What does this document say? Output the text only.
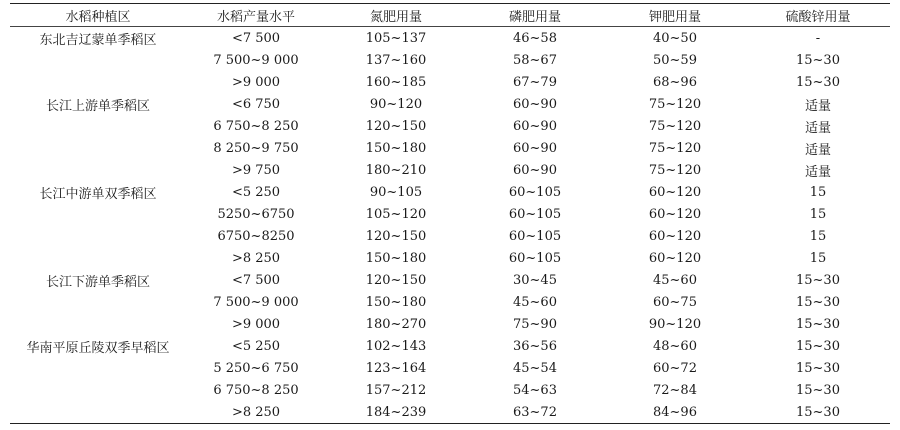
水稻种植区	水稻产量水平	氮肥用量	磷肥用量	钾肥用量	硫酸锌用量
东北吉辽蒙单季稻区	<7 500	105~137	46~58	40~50	-
	7 500~9 000	137~160	58~67	50~59	15~30
	>9 000	160~185	67~79	68~96	15~30
长江上游单季稻区	<6 750	90~120	60~90	75~120	适量
	6 750~8 250	120~150	60~90	75~120	适量
	8 250~9 750	150~180	60~90	75~120	适量
	>9 750	180~210	60~90	75~120	适量
长江中游单双季稻区	<5 250	90~105	60~105	60~120	15
	5250~6750	105~120	60~105	60~120	15
	6750~8250	120~150	60~105	60~120	15
	>8 250	150~180	60~105	60~120	15
长江下游单季稻区	<7 500	120~150	30~45	45~60	15~30
	7 500~9 000	150~180	45~60	60~75	15~30
	>9 000	180~270	75~90	90~120	15~30
华南平原丘陵双季早稻区	<5 250	102~143	36~56	48~60	15~30
	5 250~6 750	123~164	45~54	60~72	15~30
	6 750~8 250	157~212	54~63	72~84	15~30
	>8 250	184~239	63~72	84~96	15~30
